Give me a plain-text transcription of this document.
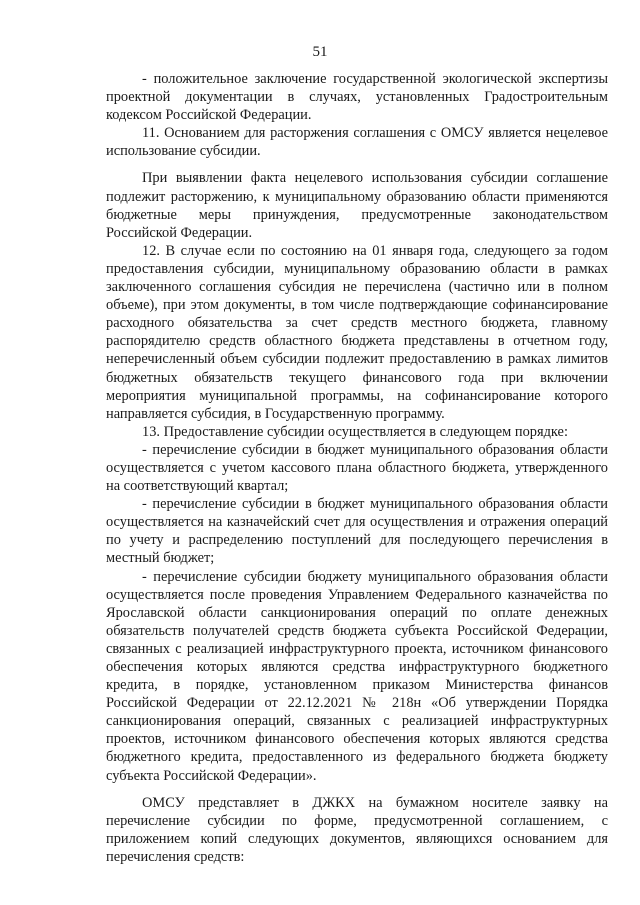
51

- положительное заключение государственной экологической экспертизы проектной документации в случаях, установленных Градостроительным кодексом Российской Федерации.

11. Основанием для расторжения соглашения с ОМСУ является нецелевое использование субсидии.

При выявлении факта нецелевого использования субсидии соглашение подлежит расторжению, к муниципальному образованию области применяются бюджетные меры принуждения, предусмотренные законодательством Российской Федерации.

12. В случае если по состоянию на 01 января года, следующего за годом предоставления субсидии, муниципальному образованию области в рамках заключенного соглашения субсидия не перечислена (частично или в полном объеме), при этом документы, в том числе подтверждающие софинансирование расходного обязательства за счет средств местного бюджета, главному распорядителю средств областного бюджета представлены в отчетном году, неперечисленный объем субсидии подлежит предоставлению в рамках лимитов бюджетных обязательств текущего финансового года при включении мероприятия муниципальной программы, на софинансирование которого направляется субсидия, в Государственную программу.

13. Предоставление субсидии осуществляется в следующем порядке:

- перечисление субсидии в бюджет муниципального образования области осуществляется с учетом кассового плана областного бюджета, утвержденного на соответствующий квартал;

- перечисление субсидии в бюджет муниципального образования области осуществляется на казначейский счет для осуществления и отражения операций по учету и распределению поступлений для последующего перечисления в местный бюджет;

- перечисление субсидии бюджету муниципального образования области осуществляется после проведения Управлением Федерального казначейства по Ярославской области санкционирования операций по оплате денежных обязательств получателей средств бюджета субъекта Российской Федерации, связанных с реализацией инфраструктурного проекта, источником финансового обеспечения которых являются средства инфраструктурного бюджетного кредита, в порядке, установленном приказом Министерства финансов Российской Федерации от 22.12.2021 № 218н «Об утверждении Порядка санкционирования операций, связанных с реализацией инфраструктурных проектов, источником финансового обеспечения которых являются средства бюджетного кредита, предоставленного из федерального бюджета бюджету субъекта Российской Федерации».

ОМСУ представляет в ДЖКХ на бумажном носителе заявку на перечисление субсидии по форме, предусмотренной соглашением, с приложением копий следующих документов, являющихся основанием для перечисления средств:
